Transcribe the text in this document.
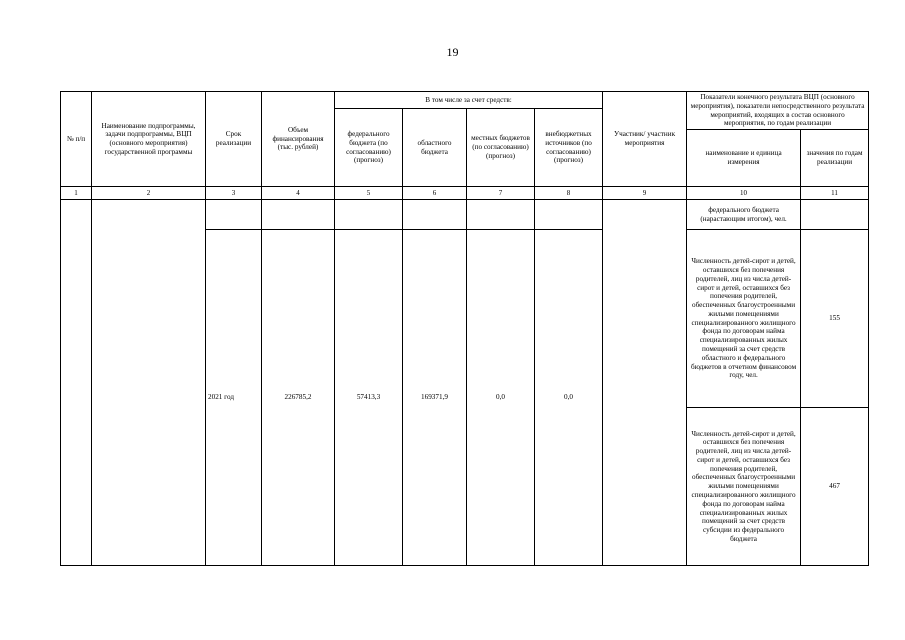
19
№ п/п	Наименование подпрограммы, задачи подпрограммы, ВЦП (основного мероприятия) государственной программы	Срок реализации	Объем финансирования (тыс. рублей)	В том числе за счет средств:				Участник/ участник мероприятия	Показатели конечного результата ВЦП (основного мероприятия), показатели непосредственного результата мероприятий, входящих в состав основного мероприятия, по годам реализации	
				федерального бюджета (по согласованию) (прогноз)	областного бюджета	местных бюджетов (по согласованию) (прогноз)	внебюджетных источников (по согласованию) (прогноз)			
									наименование и единица измерения	значения по годам реализации
1	2	3	4	5	6	7	8	9	10	11
									федерального бюджета (нарастающим итогом), чел.	
		2021 год	226785,2	57413,3	169371,9	0,0	0,0		Численность детей-сирот и детей, оставшихся без попечения родителей, лиц из числа детей-сирот и детей, оставшихся без попечения родителей, обеспеченных благоустроенными жилыми помещениями специализированного жилищного фонда по договорам найма специализированных жилых помещений за счет средств областного и федерального бюджетов в отчетном финансовом году, чел.	155
									Численность детей-сирот и детей, оставшихся без попечения родителей, лиц из числа детей-сирот и детей, оставшихся без попечения родителей, обеспеченных благоустроенными жилыми помещениями специализированного жилищного фонда по договорам найма специализированных жилых помещений за счет средств субсидии из федерального бюджета	467
